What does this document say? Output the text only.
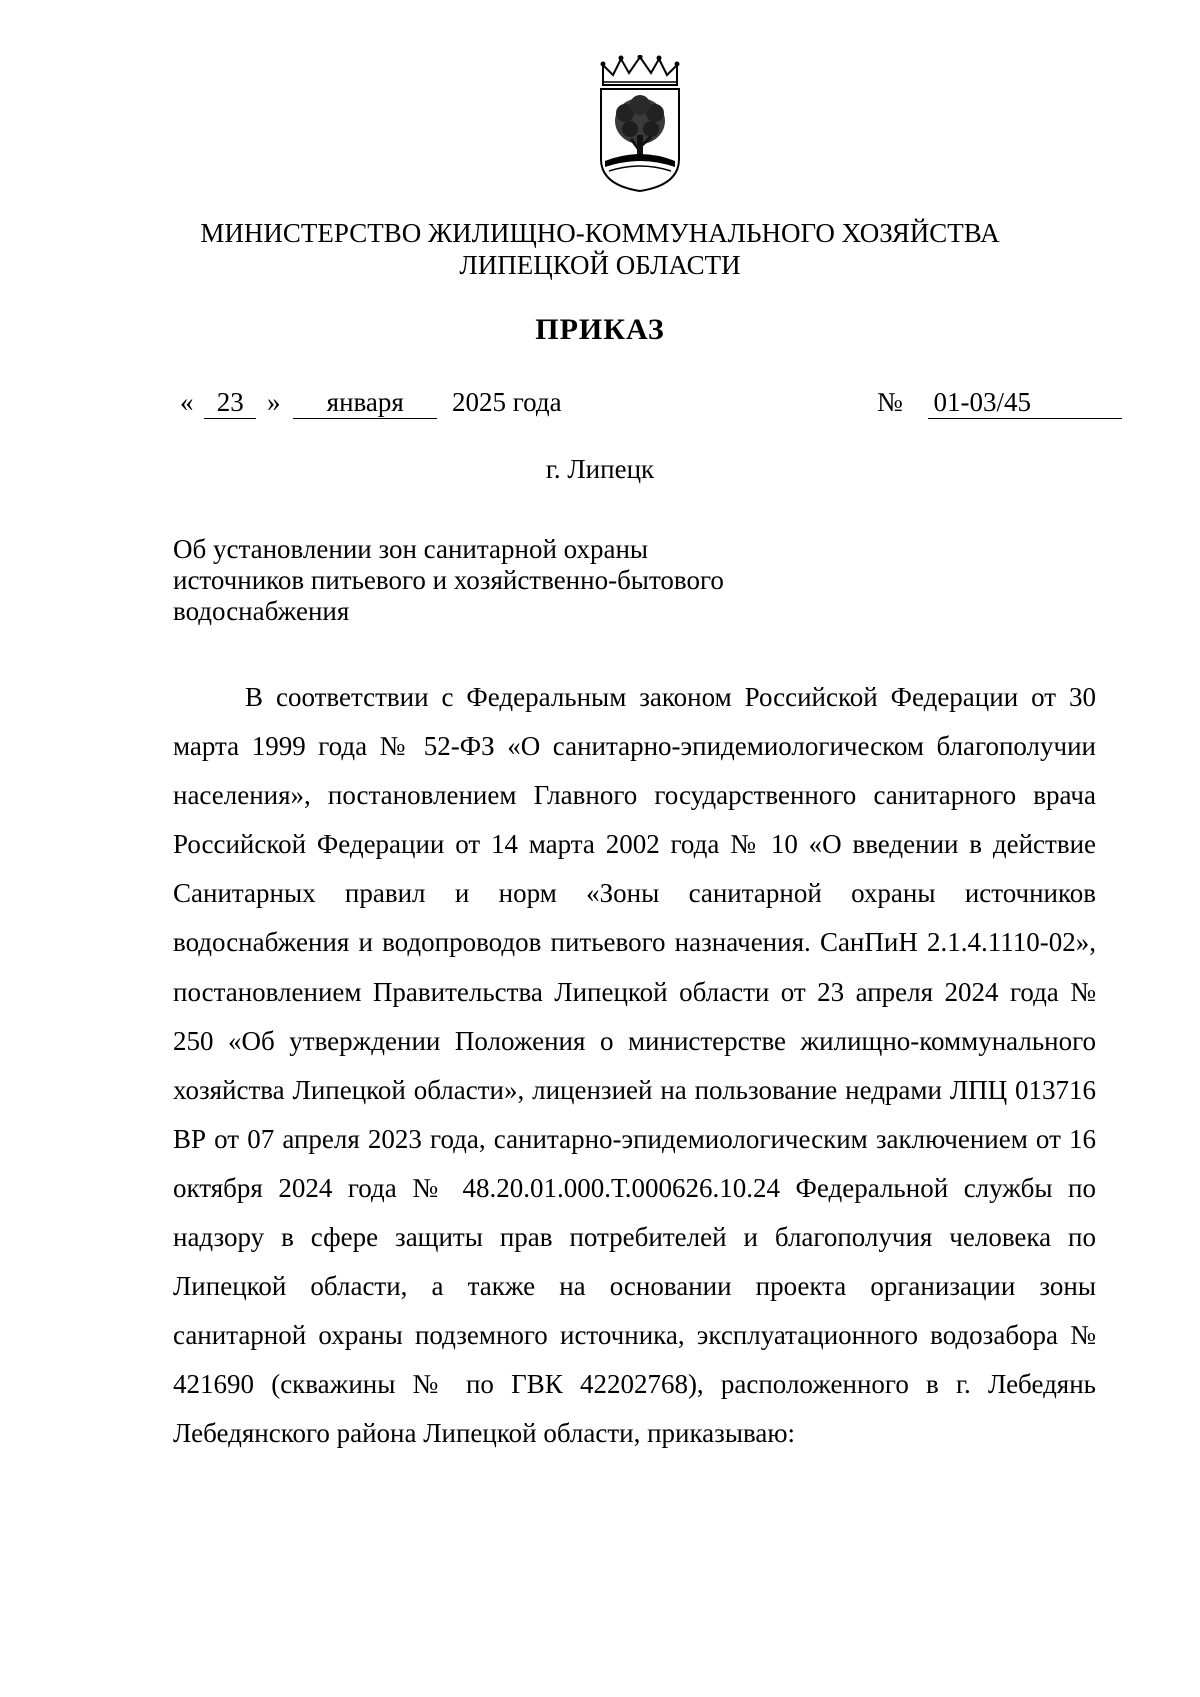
МИНИСТЕРСТВО ЖИЛИЩНО-КОММУНАЛЬНОГО ХОЗЯЙСТВА
ЛИПЕЦКОЙ ОБЛАСТИ
ПРИКАЗ
« 23 » января 2025 года	№ 01-03/45
г. Липецк
Об установлении зон санитарной охраны
источников питьевого и хозяйственно-бытового
водоснабжения
В соответствии с Федеральным законом Российской Федерации от 30 марта 1999 года № 52-ФЗ «О санитарно-эпидемиологическом благополучии населения», постановлением Главного государственного санитарного врача Российской Федерации от 14 марта 2002 года № 10 «О введении в действие Санитарных правил и норм «Зоны санитарной охраны источников водоснабжения и водопроводов питьевого назначения. СанПиН 2.1.4.1110-02», постановлением Правительства Липецкой области от 23 апреля 2024 года № 250 «Об утверждении Положения о министерстве жилищно-коммунального хозяйства Липецкой области», лицензией на пользование недрами ЛПЦ 013716 ВР от 07 апреля 2023 года, санитарно-эпидемиологическим заключением от 16 октября 2024 года № 48.20.01.000.Т.000626.10.24 Федеральной службы по надзору в сфере защиты прав потребителей и благополучия человека по Липецкой области, а также на основании проекта организации зоны санитарной охраны подземного источника, эксплуатационного водозабора № 421690 (скважины № по ГВК 42202768), расположенного в г. Лебедянь Лебедянского района Липецкой области, приказываю:
